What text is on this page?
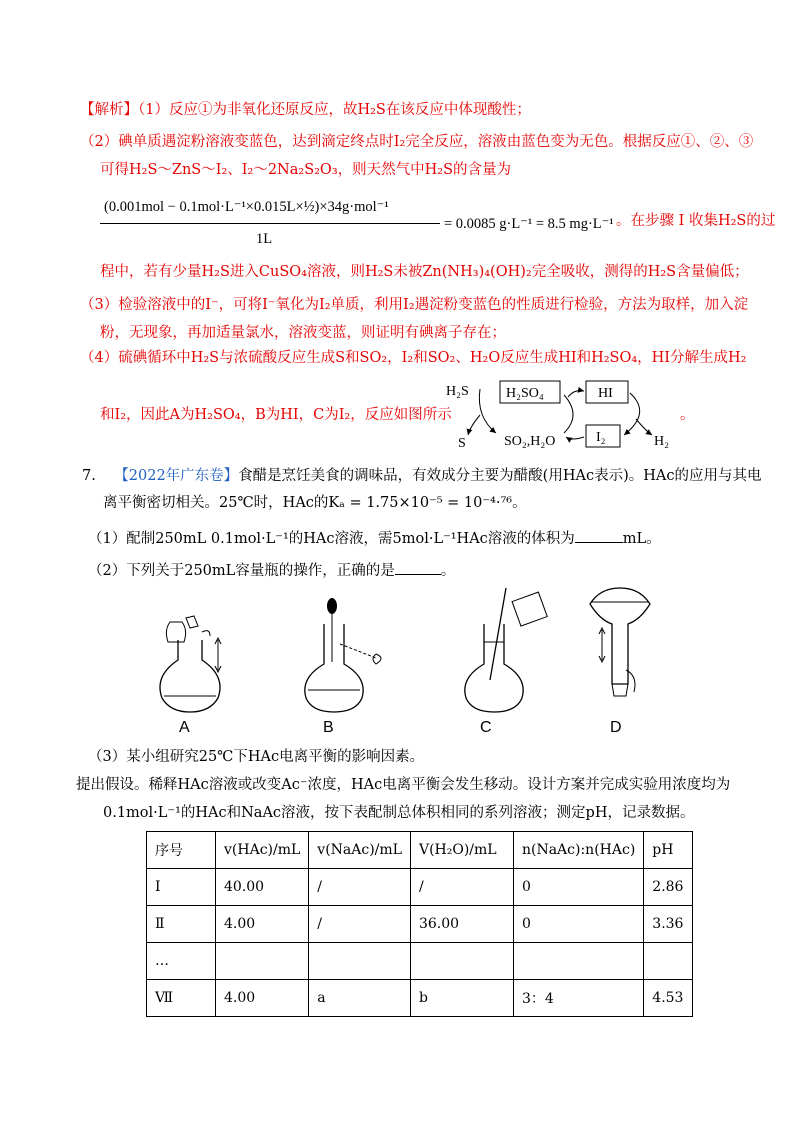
【解析】（1）反应①为非氧化还原反应，故H₂S在该反应中体现酸性；
（2）碘单质遇淀粉溶液变蓝色，达到滴定终点时I₂完全反应，溶液由蓝色变为无色。根据反应①、②、③
可得H₂S～ZnS～I₂、I₂～2Na₂S₂O₃，则天然气中H₂S的含量为
(0.001mol − 0.1mol·L⁻¹×0.015L×½)×34g·mol⁻¹
1L
= 0.0085 g·L⁻¹ = 8.5 mg·L⁻¹ 。在步骤 I 收集H₂S的过
程中，若有少量H₂S进入CuSO₄溶液，则H₂S未被Zn(NH₃)₄(OH)₂完全吸收，测得的H₂S含量偏低；
（3）检验溶液中的I⁻，可将I⁻氧化为I₂单质，利用I₂遇淀粉变蓝色的性质进行检验，方法为取样，加入淀
粉，无现象，再加适量氯水，溶液变蓝，则证明有碘离子存在；
（4）硫碘循环中H₂S与浓硫酸反应生成S和SO₂，I₂和SO₂、H₂O反应生成HI和H₂SO₄，HI分解生成H₂
和I₂，因此A为H₂SO₄，B为HI，C为I₂，反应如图所示	。
H₂S	H₂SO₄	HI
I₂
S	SO₂,H₂O	H₂
7. 【2022年广东卷】食醋是烹饪美食的调味品，有效成分主要为醋酸(用HAc表示)。HAc的应用与其电
离平衡密切相关。25℃时，HAc的Kₐ = 1.75×10⁻⁵ = 10⁻⁴·⁷⁶。
（1）配制250mL 0.1mol·L⁻¹的HAc溶液，需5mol·L⁻¹HAc溶液的体积为	mL。
（2）下列关于250mL容量瓶的操作，正确的是	。
A	B	C	D
（3）某小组研究25℃下HAc电离平衡的影响因素。
提出假设。稀释HAc溶液或改变Ac⁻浓度，HAc电离平衡会发生移动。设计方案并完成实验用浓度均为
0.1mol·L⁻¹的HAc和NaAc溶液，按下表配制总体积相同的系列溶液；测定pH，记录数据。
序号	v(HAc)/mL	v(NaAc)/mL	V(H₂O)/mL	n(NaAc):n(HAc)	pH
Ⅰ	40.00	/	/	0	2.86
Ⅱ	4.00	/	36.00	0	3.36
…					
Ⅶ	4.00	a	b	3：4	4.53
